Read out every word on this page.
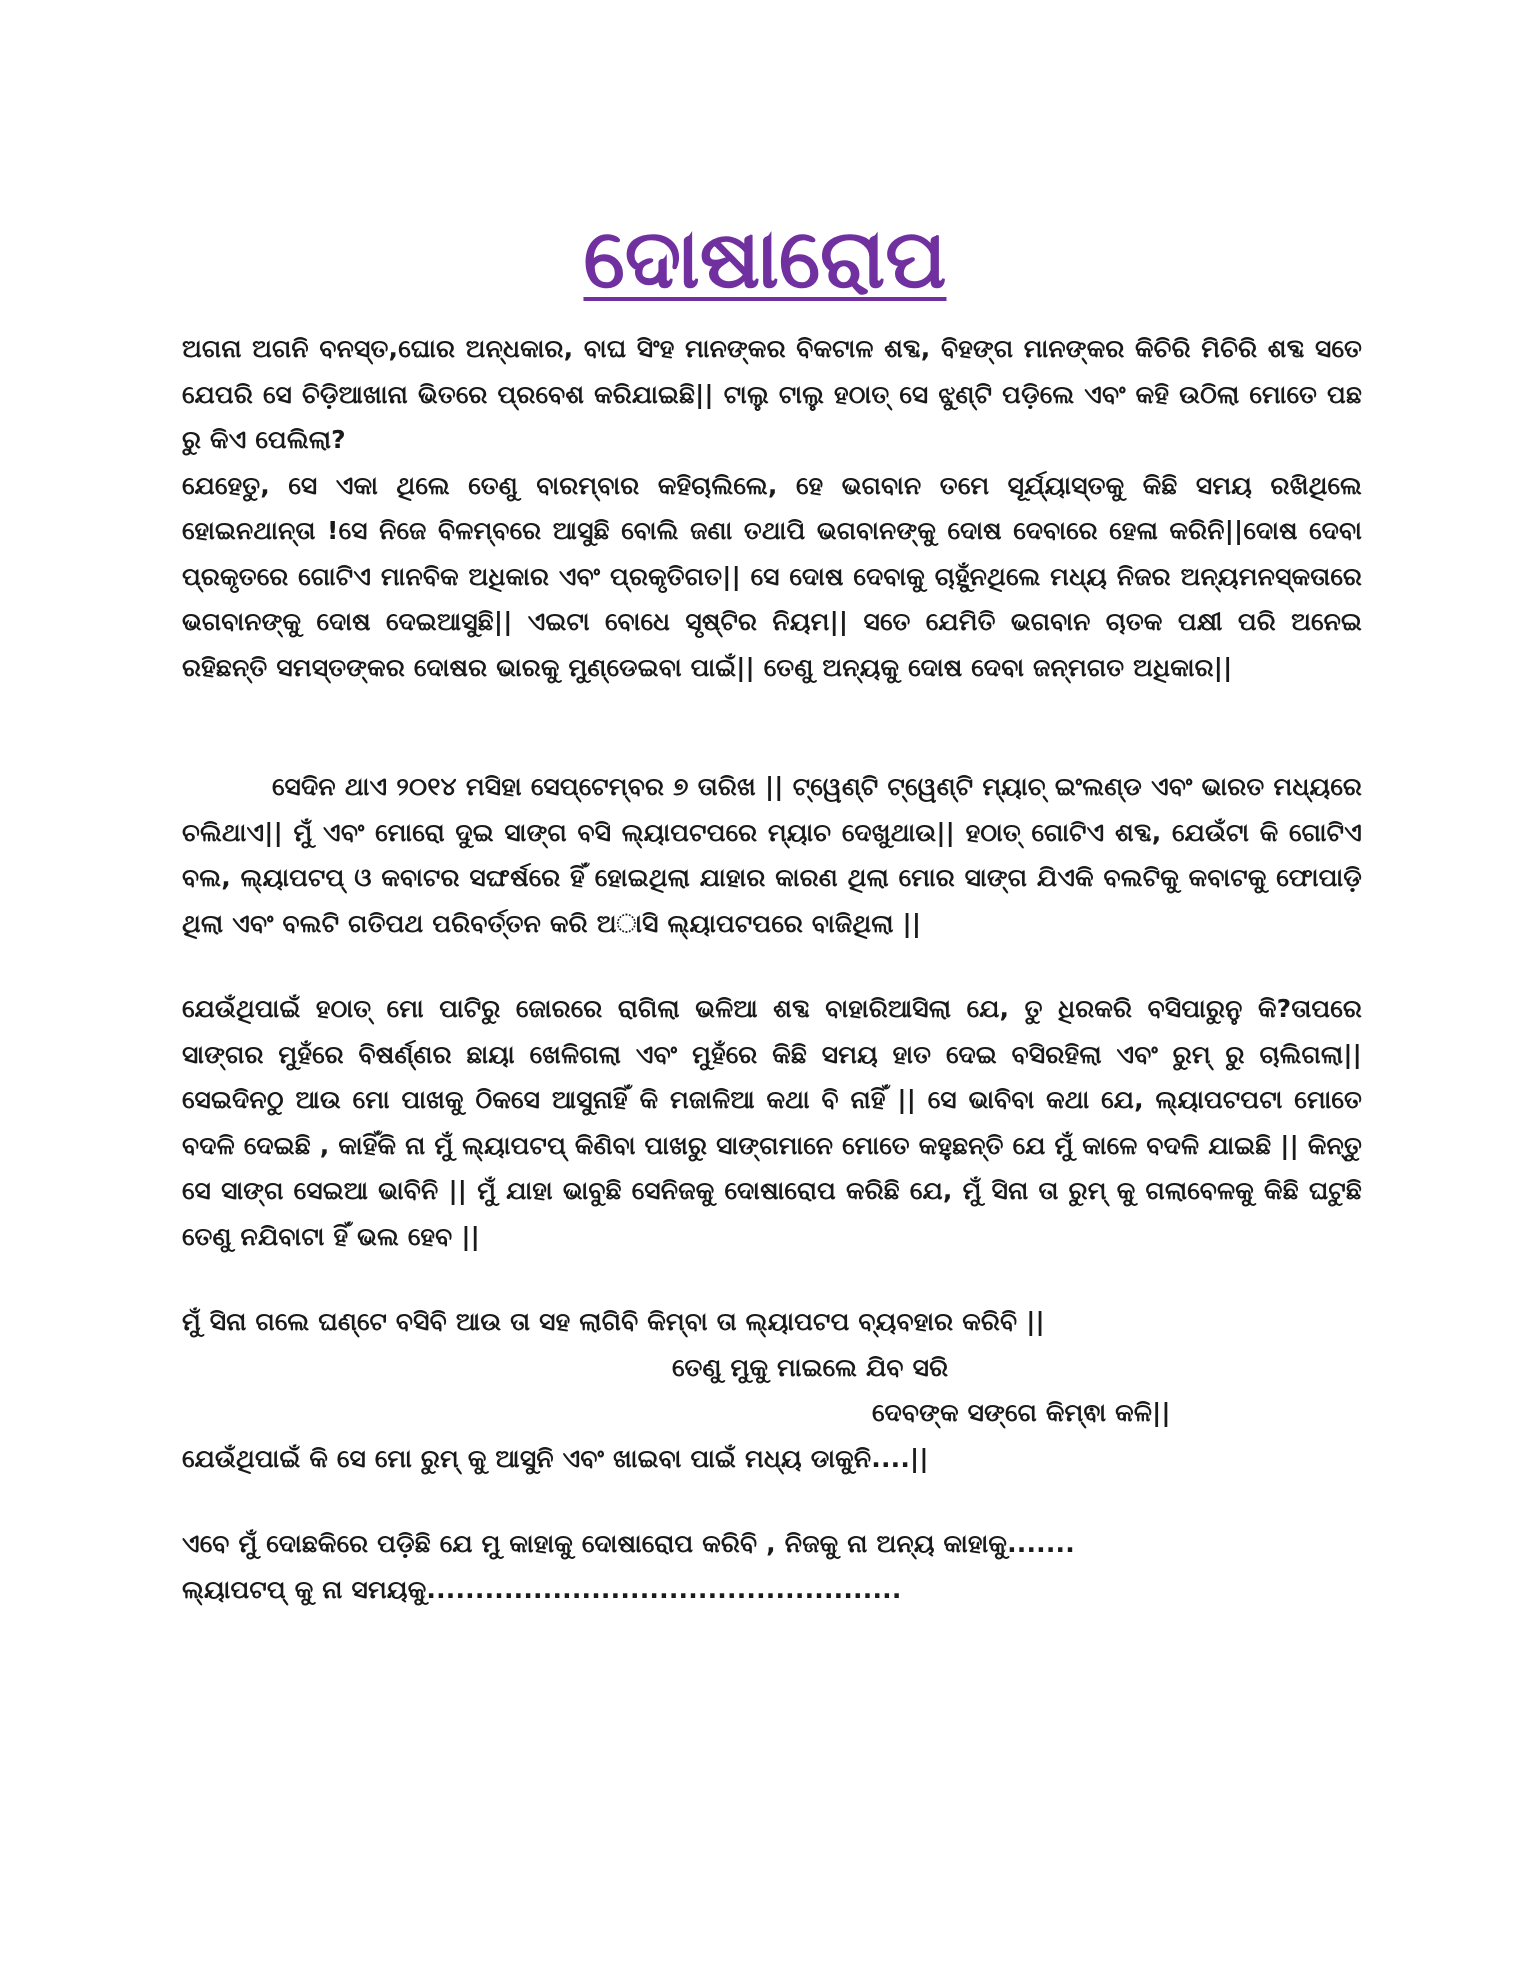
ଦୋଷାରୋପ

ଅଗନା ଅଗନି ବନସ୍ତ,ଘୋର ଅନ୍ଧକାର, ବାଘ ସିଂହ ମାନଙ୍କର ବିକଟାଳ ଶବ୍ଦ, ବିହଙ୍ଗ ମାନଙ୍କର କିଚିରି ମିଚିରି ଶବ୍ଦ ସତେ ଯେପରି ସେ ଚିଡ଼ିଆଖାନା ଭିତରେ ପ୍ରବେଶ କରିଯାଇଛି|| ଟାଲୁ ଟାଲୁ ହଠାତ୍ ସେ ଝୁଣ୍ଟି ପଡ଼ିଲେ ଏବଂ କହି ଉଠିଲା ମୋତେ ପଛ ରୁ କିଏ ପେଲିଲା?

ଯେହେତୁ, ସେ ଏକା ଥିଲେ ତେଣୁ ବାରମ୍ବାର କହିଚାଲିଲେ, ହେ ଭଗବାନ ତମେ ସୂର୍ଯ୍ୟାସ୍ତକୁ କିଛି ସମୟ ରଖିଥିଲେ ହୋଇନଥାନ୍ତା !ସେ ନିଜେ ବିଳମ୍ବରେ ଆସୁଛି ବୋଲି ଜଣା ତଥାପି ଭଗବାନଙ୍କୁ ଦୋଷ ଦେବାରେ ହେଳା କରିନି||ଦୋଷ ଦେବା ପ୍ରକୃତରେ ଗୋଟିଏ ମାନବିକ ଅଧିକାର ଏବଂ ପ୍ରକୃତିଗତ|| ସେ ଦୋଷ ଦେବାକୁ ଚାହୁଁନଥିଲେ ମଧ୍ୟ ନିଜର ଅନ୍ୟମନସ୍କତାରେ ଭଗବାନଙ୍କୁ ଦୋଷ ଦେଇଆସୁଛି|| ଏଇଟା ବୋଧେ ସୃଷ୍ଟିର ନିୟମ|| ସତେ ଯେମିତି ଭଗବାନ ଚାତକ ପକ୍ଷୀ ପରି ଅନେଇ ରହିଛନ୍ତି ସମସ୍ତଙ୍କର ଦୋଷର ଭାରକୁ ମୁଣ୍ଡେଇବା ପାଇଁ|| ତେଣୁ ଅନ୍ୟକୁ ଦୋଷ ଦେବା ଜନ୍ମଗତ ଅଧିକାର||

ସେଦିନ ଥାଏ ୨୦୧୪ ମସିହା ସେପ୍ଟେମ୍ବର ୭ ତାରିଖ || ଟ୍ୱେଣ୍ଟି ଟ୍ୱେଣ୍ଟି ମ୍ୟାଚ୍ ଇଂଲଣ୍ଡ ଏବଂ ଭାରତ ମଧ୍ୟରେ ଚଲିଥାଏ|| ମୁଁ ଏବଂ ମୋରୋ ଦୁଇ ସାଙ୍ଗ ବସି ଲ୍ୟାପଟପରେ ମ୍ୟାଚ ଦେଖୁଥାଉ|| ହଠାତ୍ ଗୋଟିଏ ଶବ୍ଦ, ଯେଉଁଟା କି ଗୋଟିଏ ବଲ, ଲ୍ୟାପଟପ୍ ଓ କବାଟର ସଙ୍ଘର୍ଷରେ ହିଁ ହୋଇଥିଲା ଯାହାର କାରଣ ଥିଲା ମୋର ସାଙ୍ଗ ଯିଏକି ବଲଟିକୁ କବାଟକୁ ଫୋପାଡ଼ି ଥିଲା ଏବଂ ବଲଟି ଗତିପଥ ପରିବର୍ତ୍ତନ କରି ଅାସି ଲ୍ୟାପଟପରେ ବାଜିଥିଲା ||

ଯେଉଁଥିପାଇଁ ହଠାତ୍ ମୋ ପାଟିରୁ ଜୋରରେ ରାଗିଲା ଭଳିଆ ଶବ୍ଦ ବାହାରିଆସିଲା ଯେ, ତୁ ଧିରକରି ବସିପାରୁନୁ କି?ତାପରେ ସାଙ୍ଗର ମୁହଁରେ ବିଷର୍ଣ୍ଣର ଛାୟା ଖେଳିଗଲା ଏବଂ ମୁହଁରେ କିଛି ସମୟ ହାତ ଦେଇ ବସିରହିଲା ଏବଂ ରୁମ୍ ରୁ ଚାଲିଗଲା|| ସେଇଦିନଠୁ ଆଉ ମୋ ପାଖକୁ ଠିକସେ ଆସୁନାହିଁ କି ମଜାଳିଆ କଥା ବି ନାହିଁ || ସେ ଭାବିବା କଥା ଯେ, ଲ୍ୟାପଟପଟା ମୋତେ ବଦଳି ଦେଇଛି , କାହିଁକି ନା ମୁଁ ଲ୍ୟାପଟପ୍ କିଣିବା ପାଖରୁ ସାଙ୍ଗମାନେ ମୋତେ କହୁଛନ୍ତି ଯେ ମୁଁ କାଳେ ବଦଳି ଯାଇଛି || କିନ୍ତୁ ସେ ସାଙ୍ଗ ସେଇଆ ଭାବିନି || ମୁଁ ଯାହା ଭାବୁଛି ସେନିଜକୁ ଦୋଷାରୋପ କରିଛି ଯେ, ମୁଁ ସିନା ତା ରୁମ୍ କୁ ଗଲାବେଳକୁ କିଛି ଘଟୁଛି ତେଣୁ ନଯିବାଟା ହିଁ ଭଲ ହେବ ||

ମୁଁ ସିନା ଗଲେ ଘଣ୍ଟେ ବସିବି ଆଉ ତା ସହ ଲାଗିବି କିମ୍ବା ତା ଲ୍ୟାପଟପ ବ୍ୟବହାର କରିବି ||

ତେଣୁ ମୁକୁ ମାଇଲେ ଯିବ ସରି

ଦେବଙ୍କ ସଙ୍ଗେ କିମ୍ଵା କଳି||

ଯେଉଁଥିପାଇଁ କି ସେ ମୋ ରୁମ୍ କୁ ଆସୁନି ଏବଂ ଖାଇବା ପାଇଁ ମଧ୍ୟ ଡାକୁନି....||

ଏବେ ମୁଁ ଦୋଛକିରେ ପଡ଼ିଛି ଯେ ମୁ କାହାକୁ ଦୋଷାରୋପ କରିବି , ନିଜକୁ ନା ଅନ୍ୟ କାହାକୁ.......

ଲ୍ୟାପଟପ୍ କୁ ନା ସମୟକୁ.................................................
